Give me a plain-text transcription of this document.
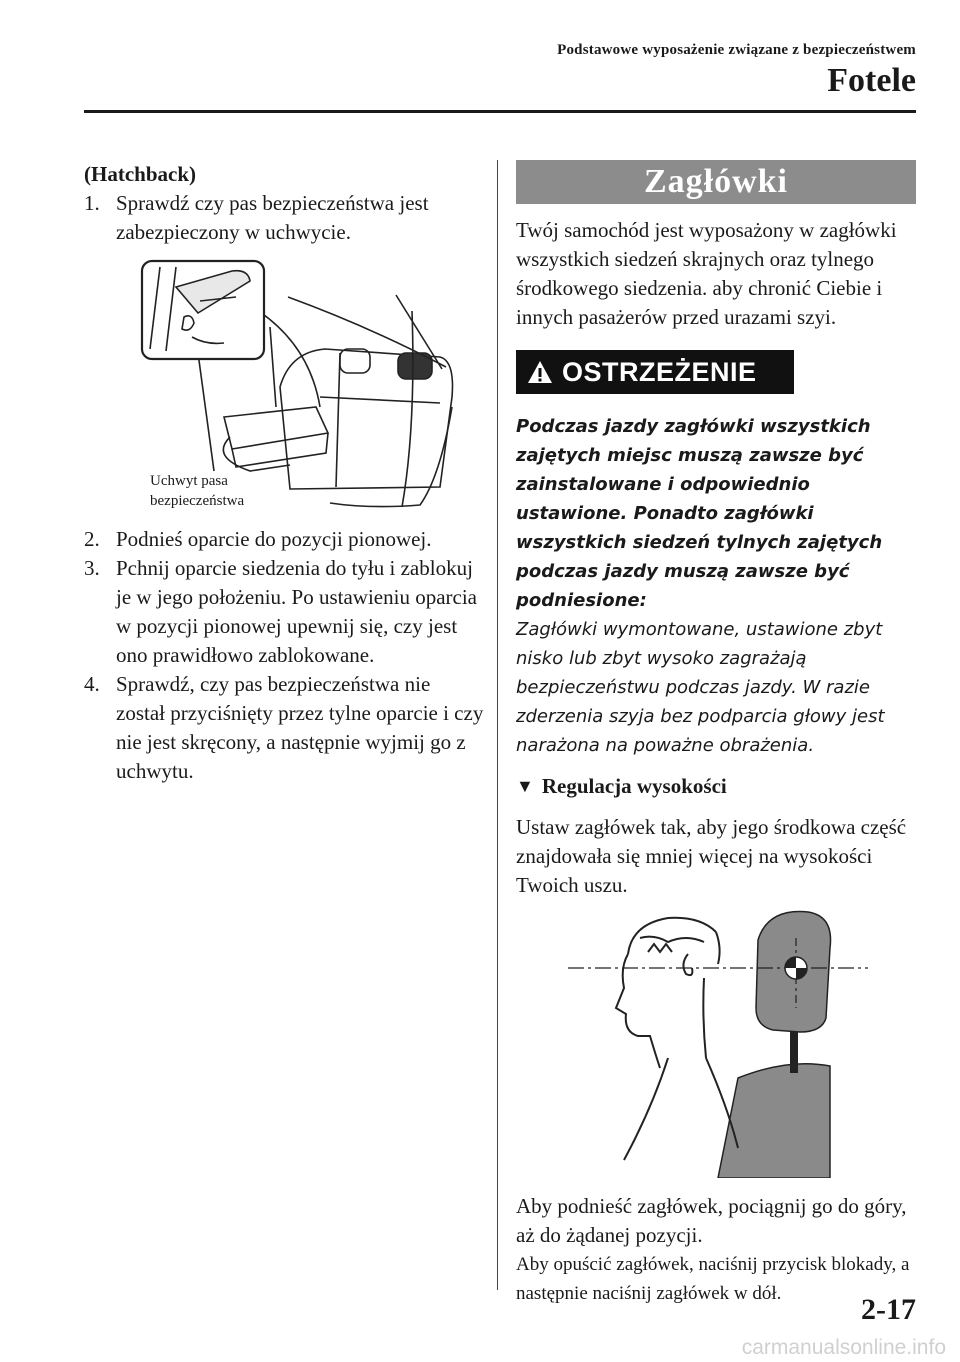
Podstawowe wyposażenie związane z bezpieczeństwem
Fotele
(Hatchback)
1. Sprawdź czy pas bezpieczeństwa jest zabezpieczony w uchwycie.
Uchwyt pasa
bezpieczeństwa
2. Podnieś oparcie do pozycji pionowej.
3. Pchnij oparcie siedzenia do tyłu i zablokuj je w jego położeniu. Po ustawieniu oparcia w pozycji pionowej upewnij się, czy jest ono prawidłowo zablokowane.
4. Sprawdź, czy pas bezpieczeństwa nie został przyciśnięty przez tylne oparcie i czy nie jest skręcony, a następnie wyjmij go z uchwytu.
Zagłówki
Twój samochód jest wyposażony w zagłówki wszystkich siedzeń skrajnych oraz tylnego środkowego siedzenia. aby chronić Ciebie i innych pasażerów przed urazami szyi.
OSTRZEŻENIE
Podczas jazdy zagłówki wszystkich zajętych miejsc muszą zawsze być zainstalowane i odpowiednio ustawione. Ponadto zagłówki wszystkich siedzeń tylnych zajętych podczas jazdy muszą zawsze być podniesione:
Zagłówki wymontowane, ustawione zbyt nisko lub zbyt wysoko zagrażają bezpieczeństwu podczas jazdy. W razie zderzenia szyja bez podparcia głowy jest narażona na poważne obrażenia.
▼ Regulacja wysokości
Ustaw zagłówek tak, aby jego środkowa część znajdowała się mniej więcej na wysokości Twoich uszu.
Aby podnieść zagłówek, pociągnij go do góry, aż do żądanej pozycji.
Aby opuścić zagłówek, naciśnij przycisk blokady, a następnie naciśnij zagłówek w dół.	2-17
carmanualsonline.info
